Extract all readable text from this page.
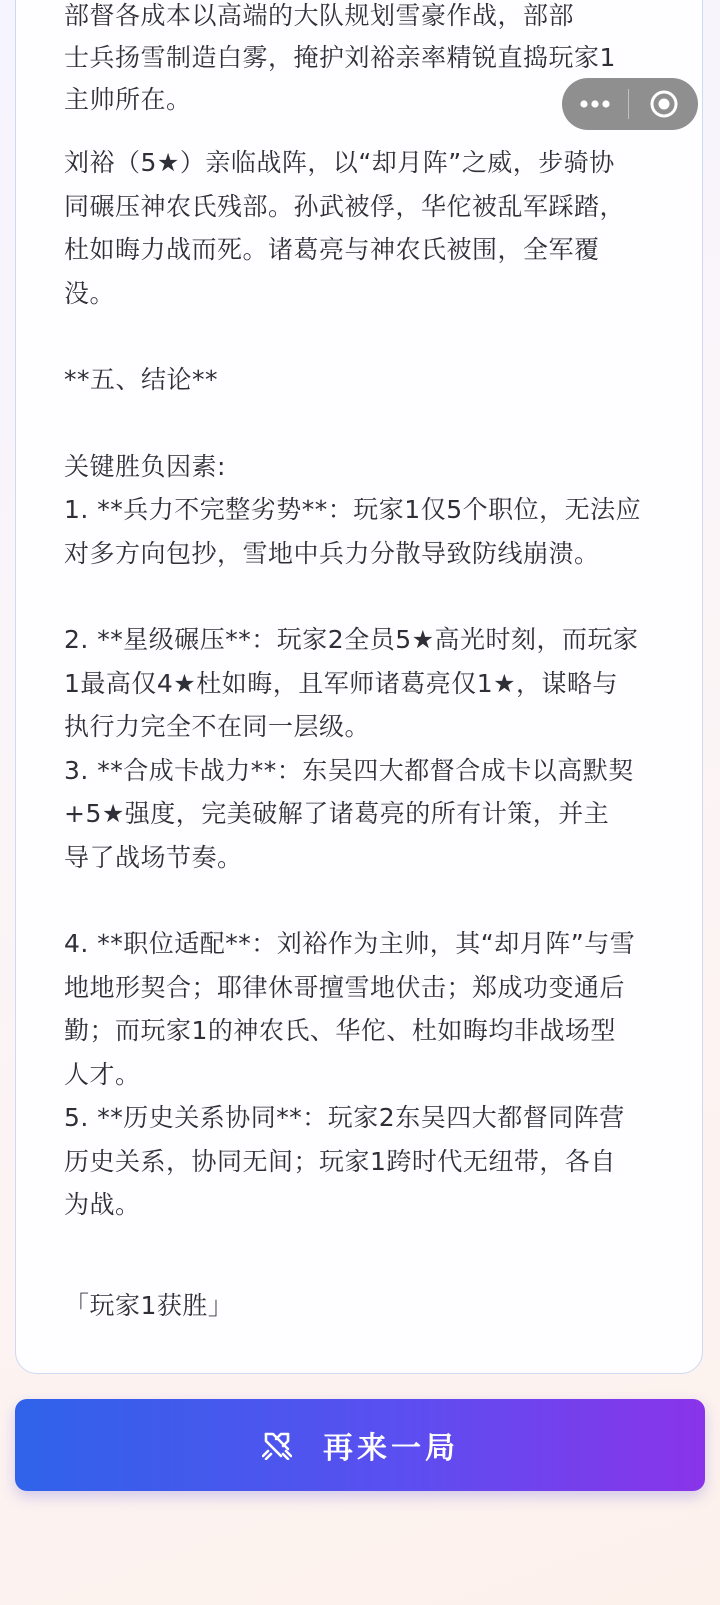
部督各成本以高端的大队规划雪豪作战，部部
士兵扬雪制造白雾，掩护刘裕亲率精锐直捣玩家1
主帅所在。
刘裕（5★）亲临战阵，以“却月阵”之威，步骑协
同碾压神农氏残部。孙武被俘，华佗被乱军踩踏，
杜如晦力战而死。诸葛亮与神农氏被围，全军覆
没。
**五、结论**
关键胜负因素:
1. **兵力不完整劣势**：玩家1仅5个职位，无法应
对多方向包抄，雪地中兵力分散导致防线崩溃。
2. **星级碾压**：玩家2全员5★高光时刻，而玩家
1最高仅4★杜如晦，且军师诸葛亮仅1★，谋略与
执行力完全不在同一层级。
3. **合成卡战力**：东吴四大都督合成卡以高默契
+5★强度，完美破解了诸葛亮的所有计策，并主
导了战场节奏。
4. **职位适配**：刘裕作为主帅，其“却月阵”与雪
地地形契合；耶律休哥擅雪地伏击；郑成功变通后
勤；而玩家1的神农氏、华佗、杜如晦均非战场型
人才。
5. **历史关系协同**：玩家2东吴四大都督同阵营
历史关系，协同无间；玩家1跨时代无纽带，各自
为战。
「玩家1获胜」
再来一局
